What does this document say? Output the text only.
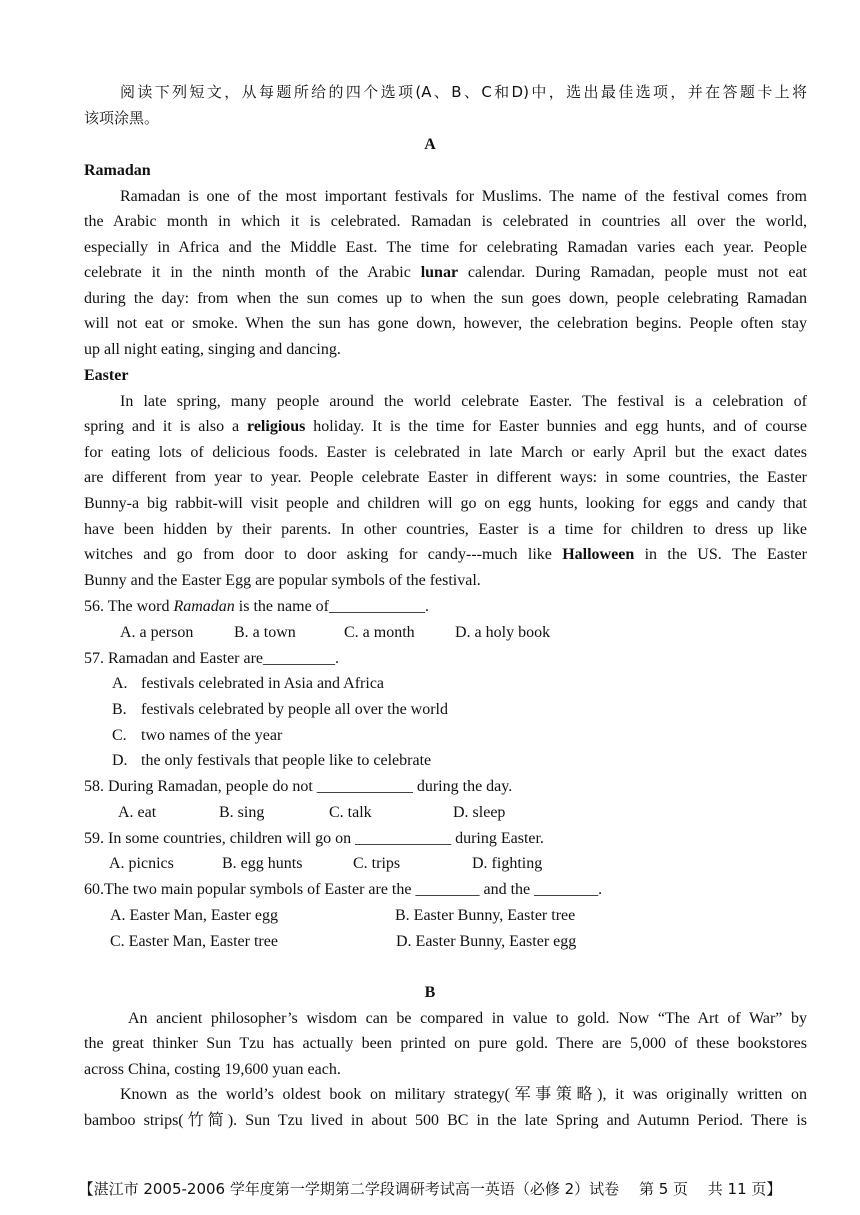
阅读下列短文，从每题所给的四个选项(A、B、C和D)中，选出最佳选项，并在答题卡上将
该项涂黑。
A
Ramadan
Ramadan is one of the most important festivals for Muslims. The name of the festival comes from
the Arabic month in which it is celebrated. Ramadan is celebrated in countries all over the world,
especially in Africa and the Middle East. The time for celebrating Ramadan varies each year. People
celebrate it in the ninth month of the Arabic lunar calendar. During Ramadan, people must not eat
during the day: from when the sun comes up to when the sun goes down, people celebrating Ramadan
will not eat or smoke. When the sun has gone down, however, the celebration begins. People often stay
up all night eating, singing and dancing.
Easter
In late spring, many people around the world celebrate Easter. The festival is a celebration of
spring and it is also a religious holiday. It is the time for Easter bunnies and egg hunts, and of course
for eating lots of delicious foods. Easter is celebrated in late March or early April but the exact dates
are different from year to year. People celebrate Easter in different ways: in some countries, the Easter
Bunny-a big rabbit-will visit people and children will go on egg hunts, looking for eggs and candy that
have been hidden by their parents. In other countries, Easter is a time for children to dress up like
witches and go from door to door asking for candy---much like Halloween in the US. The Easter
Bunny and the Easter Egg are popular symbols of the festival.
56. The word Ramadan is the name of____________.
A. a person	B. a town	C. a month	D. a holy book
57. Ramadan and Easter are_________.
A. festivals celebrated in Asia and Africa
B. festivals celebrated by people all over the world
C. two names of the year
D. the only festivals that people like to celebrate
58. During Ramadan, people do not ____________ during the day.
A. eat	B. sing	C. talk	D. sleep
59. In some countries, children will go on ____________ during Easter.
A. picnics	B. egg hunts	C. trips	D. fighting
60.The two main popular symbols of Easter are the ________ and the ________.
A. Easter Man, Easter egg	B. Easter Bunny, Easter tree
C. Easter Man, Easter tree	D. Easter Bunny, Easter egg
B
An ancient philosopher’s wisdom can be compared in value to gold. Now “The Art of War” by
the great thinker Sun Tzu has actually been printed on pure gold. There are 5,000 of these bookstores
across China, costing 19,600 yuan each.
Known as the world’s oldest book on military strategy(军事策略), it was originally written on
bamboo strips(竹简). Sun Tzu lived in about 500 BC in the late Spring and Autumn Period. There is
【湛江市 2005-2006 学年度第一学期第二学段调研考试高一英语（必修 2）试卷　 第 5 页　 共 11 页】
